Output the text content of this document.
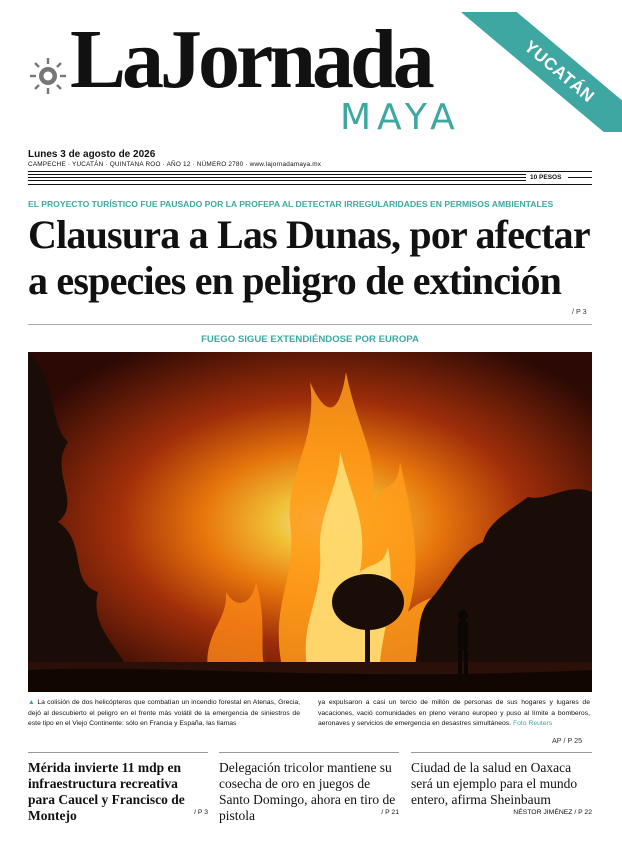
LaJornada
MAYA
YUCATÁN
Lunes 3 de agosto de 2026
CAMPECHE · YUCATÁN · QUINTANA ROO · AÑO 12 · NÚMERO 2780 · www.lajornadamaya.mx
10 PESOS
EL PROYECTO TURÍSTICO FUE PAUSADO POR LA PROFEPA AL DETECTAR IRREGULARIDADES EN PERMISOS AMBIENTALES
Clausura a Las Dunas, por afectar a especies en peligro de extinción
/ P 3
FUEGO SIGUE EXTENDIÉNDOSE POR EUROPA
▲ La colisión de dos helicópteros que combatían un incendio forestal en Atenas, Grecia, dejó al descubierto el peligro en el frente más volátil de la emergencia de siniestros de este tipo en el Viejo Continente: sólo en Francia y España, las llamas
ya expulsaron a casi un tercio de millón de personas de sus hogares y lugares de vacaciones, vació comunidades en pleno verano europeo y puso al límite a bomberos, aeronaves y servicios de emergencia en desastres simultáneos. Foto Reuters
AP / P 25
Mérida invierte 11 mdp en infraestructura recreativa para Caucel y Francisco de Montejo
Delegación tricolor mantiene su cosecha de oro en juegos de Santo Domingo, ahora en tiro de pistola
Ciudad de la salud en Oaxaca será un ejemplo para el mundo entero, afirma Sheinbaum
/ P 3	/ P 21	NÉSTOR JIMÉNEZ / P 22
